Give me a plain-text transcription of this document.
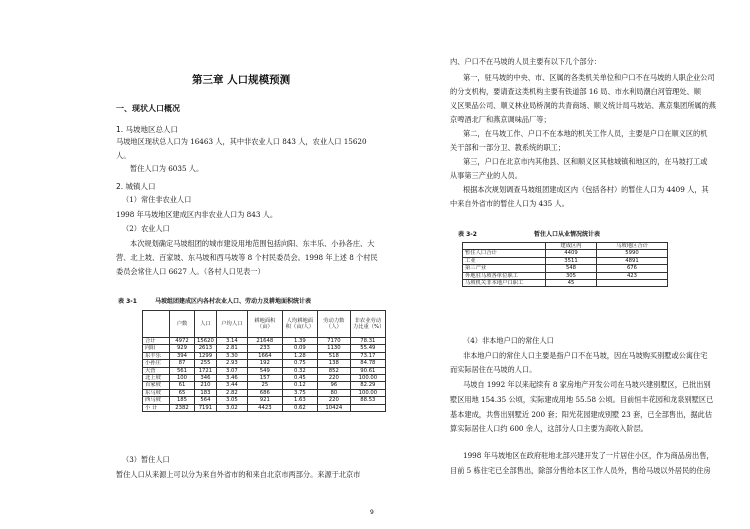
第三章 人口规模预测
一、现状人口概况
1. 马坡地区总人口
马坡地区现状总人口为 16463 人，其中非农业人口 843 人，农业人口 15620
人。
暂住人口为 6035 人。
2. 城镇人口
（1）常住非农业人口
1998 年马坡地区建成区内非农业人口为 843 人。
（2）农业人口
本次规划确定马坡组团的城市建设用地范围包括向阳、东丰乐、小孙各庄、大
营、北上坡、百家坡、东马坡和西马坡等 8 个村民委员会。1998 年上述 8 个村民
委员会常住人口 6627 人。（各村人口见表一）
表 3-1	马坡组团建成区内各村农业人口、劳动力及耕地面积统计表
	户数	人口	户均人口	耕地面积（亩）	人均耕地面积（亩/人）	劳动力数（人）	非农业劳动力比重（%）
合计	4972	15620	3.14	21648	1.39	7170	78.31
向阳	929	2613	2.81	233	0.09	1130	55.49
东丰乐	394	1299	3.30	1664	1.28	518	73.17
小孙庄	87	255	2.93	192	0.75	138	84.78
大营	561	1721	3.07	549	0.32	852	90.61
北上坡	100	346	3.46	157	0.45	220	100.00
百家坡	61	210	3.44	25	0.12	96	82.29
东马坡	65	183	2.82	686	3.75	80	100.00
西马坡	185	564	3.05	921	1.63	220	88.53
小 计	2382	7191	3.02	4423	0.62	10424	
（3）暂住人口
暂住人口从来源上可以分为来自外省市的和来自北京市两部分。来源于北京市
内、户口不在马坡的人员主要有以下几个部分：
第一，驻马坡的中央、市、区属的各类机关单位和户口不在马坡的人职企业公司
的分支机构，要请查这类机构主要有铁道部 16 局、市水利局潮白河管理处、顺
义区果品公司、顺义林业局桥洞的共青商场、顺义统计局马坡站、燕京集团所属的燕
京啤酒北厂和燕京调味品厂等；
第二，在马坡工作、户口不在本地的机关工作人员，主要是户口在顺义区的机
关干部和一部分卫、教系统的职工；
第三，户口在北京市内其他县、区和顺义区其他城镇和地区的，在马坡打工或
从事第三产业的人员。
根据本次规划调查马坡组团建成区内（包括各村）的暂住人口为 4409 人，其
中来自外省市的暂住人口为 435 人。
表 3-2	暂住人口从业情况统计表
	建成区内	马坡地区合计
暂住人口合计	4409	5990
工业	3511	4891
第三产业	548	676
外地驻马坡各单位职工	305	423
马坡机关非本地户口职工	45	
（4）非本地户口的常住人口
非本地户口的常住人口主要是指户口不在马坡，因在马坡购买别墅或公寓住宅
而实际居住在马坡的人口。
马坡自 1992 年以来起续有 8 家房地产开发公司在马坡兴建别墅区，已批出别
墅区用地 154.35 公顷，实际建成用地 55.58 公顷。目前恒丰花园和龙泉别墅区已
基本建成，共售出别墅近 200 套；阳光花园建成别墅 23 套，已全部售出，据此估
算实际居住人口约 600 余人，这部分人口主要为高收入阶层。
1998 年马坡地区在政府驻地北部兴建开发了一片居住小区，作为商品房出售，
目前 5 栋住宅已全部售出，除部分售给本区工作人员外，售给马坡以外居民的住房
9
